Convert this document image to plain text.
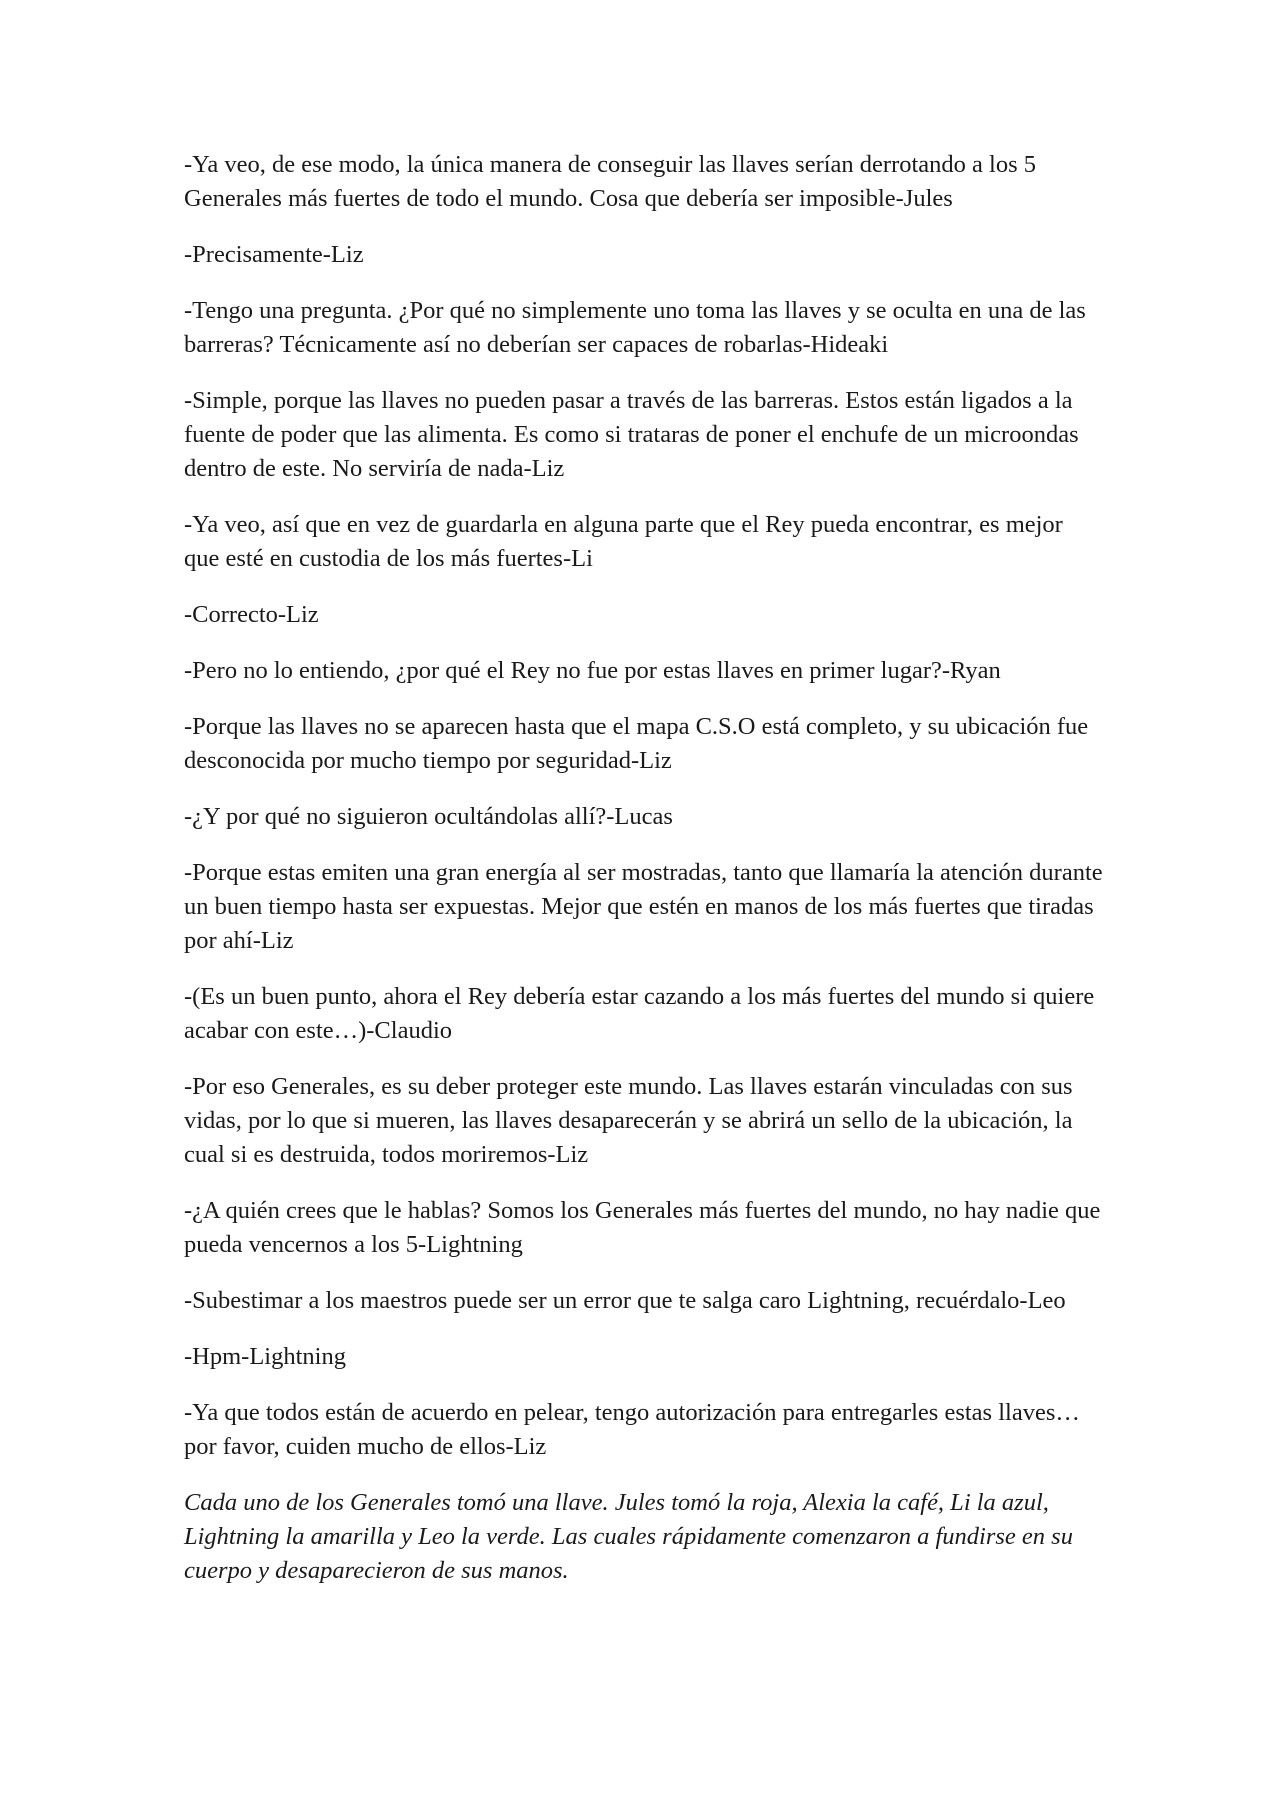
-Ya veo, de ese modo, la única manera de conseguir las llaves serían derrotando a los 5 Generales más fuertes de todo el mundo. Cosa que debería ser imposible-Jules

-Precisamente-Liz

-Tengo una pregunta. ¿Por qué no simplemente uno toma las llaves y se oculta en una de las barreras? Técnicamente así no deberían ser capaces de robarlas-Hideaki

-Simple, porque las llaves no pueden pasar a través de las barreras. Estos están ligados a la fuente de poder que las alimenta. Es como si trataras de poner el enchufe de un microondas dentro de este. No serviría de nada-Liz

-Ya veo, así que en vez de guardarla en alguna parte que el Rey pueda encontrar, es mejor que esté en custodia de los más fuertes-Li

-Correcto-Liz

-Pero no lo entiendo, ¿por qué el Rey no fue por estas llaves en primer lugar?-Ryan

-Porque las llaves no se aparecen hasta que el mapa C.S.O está completo, y su ubicación fue desconocida por mucho tiempo por seguridad-Liz

-¿Y por qué no siguieron ocultándolas allí?-Lucas

-Porque estas emiten una gran energía al ser mostradas, tanto que llamaría la atención durante un buen tiempo hasta ser expuestas. Mejor que estén en manos de los más fuertes que tiradas por ahí-Liz

-(Es un buen punto, ahora el Rey debería estar cazando a los más fuertes del mundo si quiere acabar con este…)-Claudio

-Por eso Generales, es su deber proteger este mundo. Las llaves estarán vinculadas con sus vidas, por lo que si mueren, las llaves desaparecerán y se abrirá un sello de la ubicación, la cual si es destruida, todos moriremos-Liz

-¿A quién crees que le hablas? Somos los Generales más fuertes del mundo, no hay nadie que pueda vencernos a los 5-Lightning

-Subestimar a los maestros puede ser un error que te salga caro Lightning, recuérdalo-Leo

-Hpm-Lightning

-Ya que todos están de acuerdo en pelear, tengo autorización para entregarles estas llaves… por favor, cuiden mucho de ellos-Liz

Cada uno de los Generales tomó una llave. Jules tomó la roja, Alexia la café, Li la azul, Lightning la amarilla y Leo la verde. Las cuales rápidamente comenzaron a fundirse en su cuerpo y desaparecieron de sus manos.
